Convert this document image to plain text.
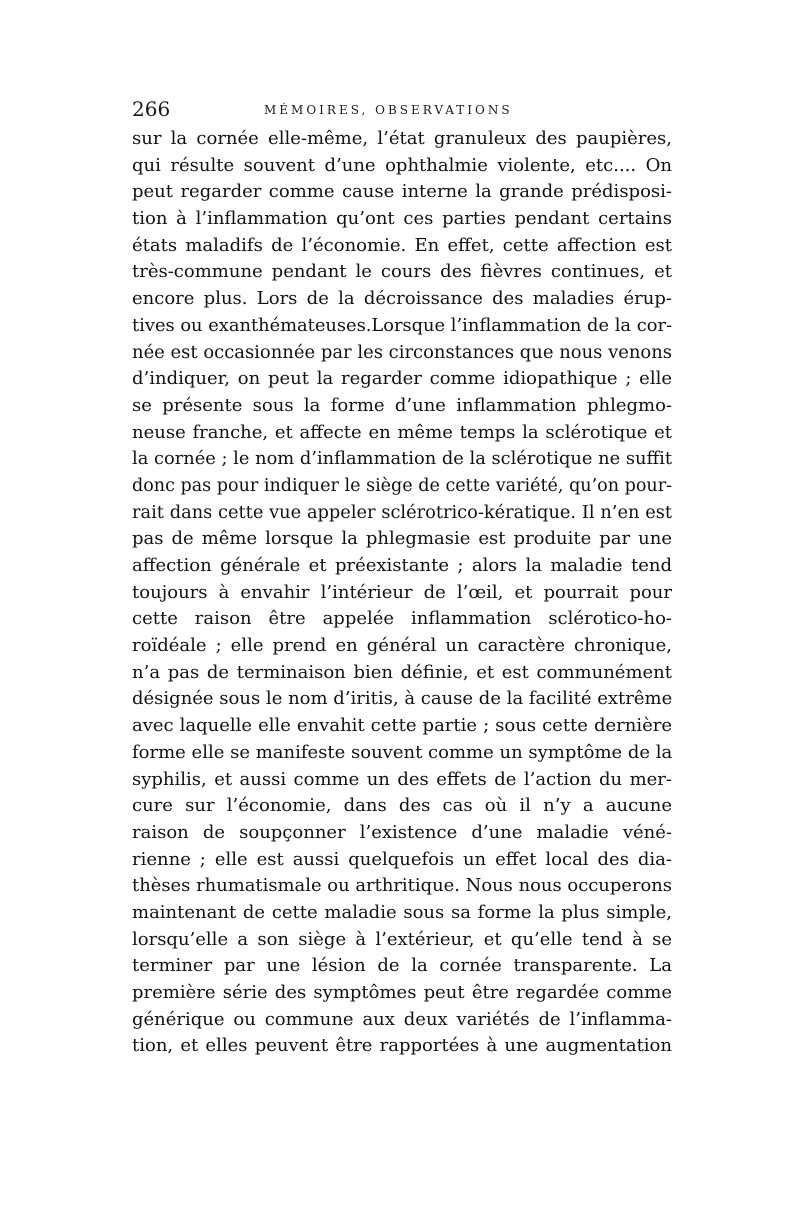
266	MÉMOIRES, OBSERVATIONS
sur la cornée elle-même, l’état granuleux des paupières,
qui résulte souvent d’une ophthalmie violente, etc.... On
peut regarder comme cause interne la grande prédisposi-
tion à l’inflammation qu’ont ces parties pendant certains
états maladifs de l’économie. En effet, cette affection est
très-commune pendant le cours des fièvres continues, et
encore plus. Lors de la décroissance des maladies érup-
tives ou exanthémateuses.Lorsque l’inflammation de la cor-
née est occasionnée par les circonstances que nous venons
d’indiquer, on peut la regarder comme idiopathique ; elle
se présente sous la forme d’une inflammation phlegmo-
neuse franche, et affecte en même temps la sclérotique et
la cornée ; le nom d’inflammation de la sclérotique ne suffit
donc pas pour indiquer le siège de cette variété, qu’on pour-
rait dans cette vue appeler sclérotrico-kératique. Il n’en est
pas de même lorsque la phlegmasie est produite par une
affection générale et préexistante ; alors la maladie tend
toujours à envahir l’intérieur de l’œil, et pourrait pour
cette raison être appelée inflammation sclérotico-ho-
roïdéale ; elle prend en général un caractère chronique,
n’a pas de terminaison bien définie, et est communément
désignée sous le nom d’iritis, à cause de la facilité extrême
avec laquelle elle envahit cette partie ; sous cette dernière
forme elle se manifeste souvent comme un symptôme de la
syphilis, et aussi comme un des effets de l’action du mer-
cure sur l’économie, dans des cas où il n’y a aucune
raison de soupçonner l’existence d’une maladie véné-
rienne ; elle est aussi quelquefois un effet local des dia-
thèses rhumatismale ou arthritique. Nous nous occuperons
maintenant de cette maladie sous sa forme la plus simple,
lorsqu’elle a son siège à l’extérieur, et qu’elle tend à se
terminer par une lésion de la cornée transparente. La
première série des symptômes peut être regardée comme
générique ou commune aux deux variétés de l’inflamma-
tion, et elles peuvent être rapportées à une augmentation
